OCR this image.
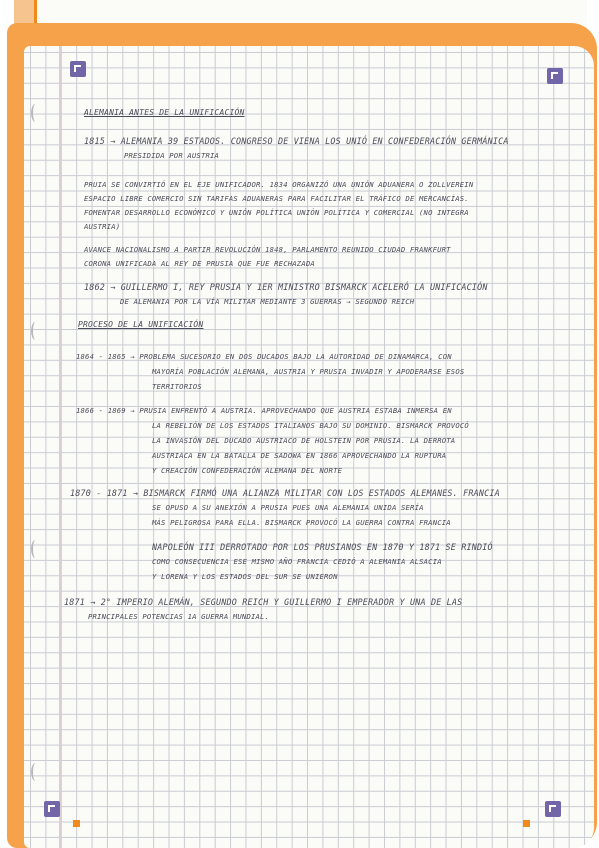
ALEMANIA ANTES DE LA UNIFICACIÓN
1815 → ALEMANIA 39 ESTADOS. CONGRESO DE VIENA LOS UNIÓ EN CONFEDERACIÓN GERMÁNICA
PRESIDIDA POR AUSTRIA
PRUIA SE CONVIRTIÓ EN EL EJE UNIFICADOR. 1834 ORGANIZÓ UNA UNIÓN ADUANERA O ZOLLVEREIN
ESPACIO LIBRE COMERCIO SIN TARIFAS ADUANERAS PARA FACILITAR EL TRÁFICO DE MERCANCÍAS.
FOMENTAR DESARROLLO ECONÓMICO Y UNIÓN POLÍTICA UNIÓN POLÍTICA Y COMERCIAL (NO INTEGRA
AUSTRIA)
AVANCE NACIONALISMO A PARTIR REVOLUCIÓN 1848, PARLAMENTO REUNIDO CIUDAD FRANKFURT
CORONA UNIFICADA AL REY DE PRUSIA QUE FUE RECHAZADA
1862 → GUILLERMO I, REY PRUSIA Y 1ER MINISTRO BISMARCK ACELERÓ LA UNIFICACIÓN
DE ALEMANIA POR LA VÍA MILITAR MEDIANTE 3 GUERRAS → SEGUNDO REICH
PROCESO DE LA UNIFICACIÓN
1864 - 1865 → PROBLEMA SUCESORIO EN DOS DUCADOS BAJO LA AUTORIDAD DE DINAMARCA, CON
MAYORÍA POBLACIÓN ALEMANA, AUSTRIA Y PRUSIA INVADIR Y APODERARSE ESOS
TERRITORIOS
1866 - 1869 → PRUSIA ENFRENTÓ A AUSTRIA. APROVECHANDO QUE AUSTRIA ESTABA INMERSA EN
LA REBELIÓN DE LOS ESTADOS ITALIANOS BAJO SU DOMINIO. BISMARCK PROVOCÓ
LA INVASIÓN DEL DUCADO AUSTRIACO DE HOLSTEIN POR PRUSIA. LA DERROTA
AUSTRIACA EN LA BATALLA DE SADOWA EN 1866 APROVECHANDO LA RUPTURA
Y CREACIÓN CONFEDERACIÓN ALEMANA DEL NORTE
1870 - 1871 → BISMARCK FIRMÓ UNA ALIANZA MILITAR CON LOS ESTADOS ALEMANES. FRANCIA
SE OPUSO A SU ANEXIÓN A PRUSIA PUES UNA ALEMANIA UNIDA SERÍA
MÁS PELIGROSA PARA ELLA. BISMARCK PROVOCÓ LA GUERRA CONTRA FRANCIA
NAPOLEÓN III DERROTADO POR LOS PRUSIANOS EN 1870 Y 1871 SE RINDIÓ
COMO CONSECUENCIA ESE MISMO AÑO FRANCIA CEDIÓ A ALEMANIA ALSACIA
Y LORENA Y LOS ESTADOS DEL SUR SE UNIERON
1871 → 2° IMPERIO ALEMÁN, SEGUNDO REICH Y GUILLERMO I EMPERADOR Y UNA DE LAS
PRINCIPALES POTENCIAS 1A GUERRA MUNDIAL.
